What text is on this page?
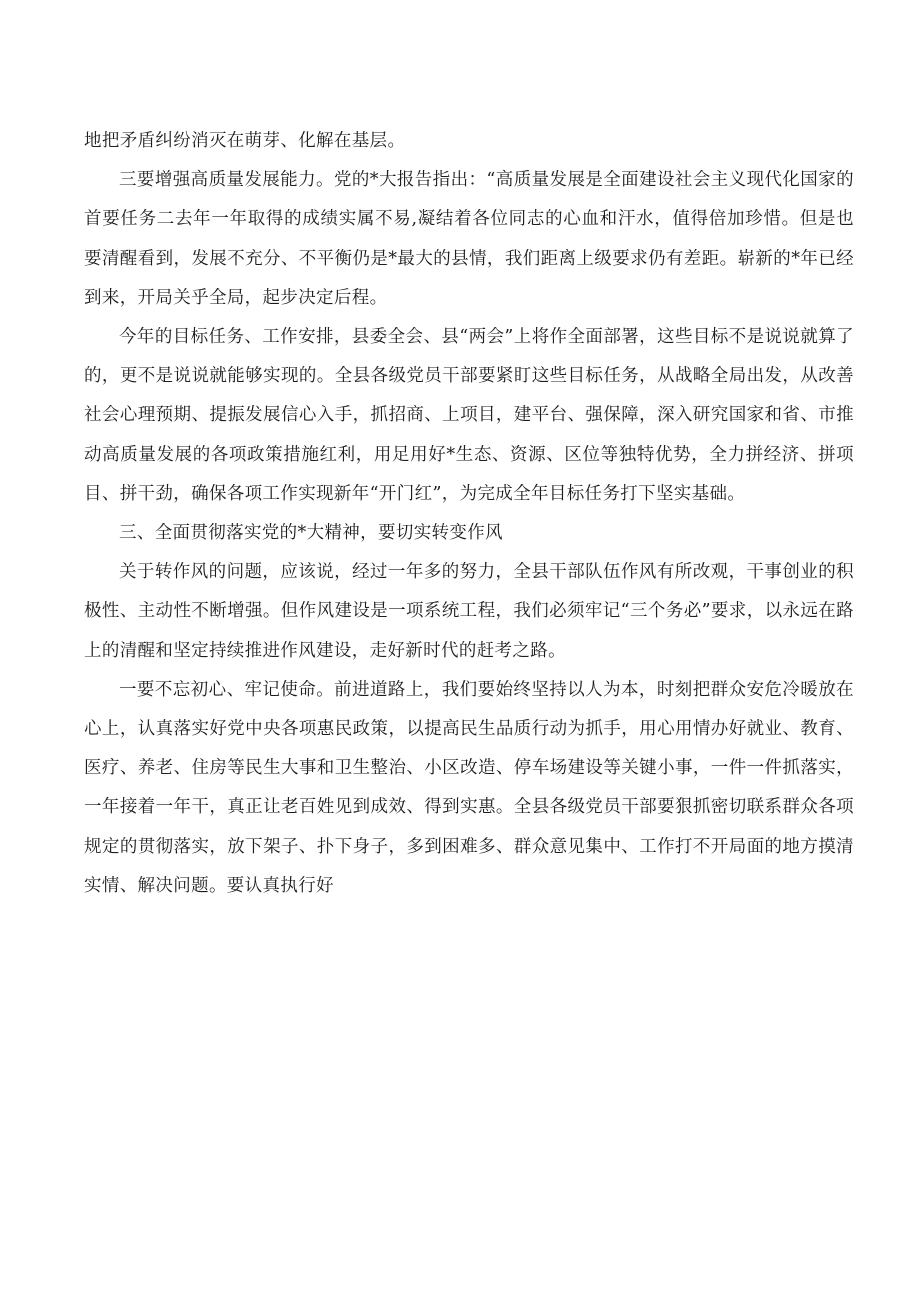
地把矛盾纠纷消灭在萌芽、化解在基层。

三要增强高质量发展能力。党的*大报告指出：“高质量发展是全面建设社会主义现代化国家的首要任务二去年一年取得的成绩实属不易,凝结着各位同志的心血和汗水，值得倍加珍惜。但是也要清醒看到，发展不充分、不平衡仍是*最大的县情，我们距离上级要求仍有差距。崭新的*年已经到来，开局关乎全局，起步决定后程。

今年的目标任务、工作安排，县委全会、县“两会”上将作全面部署，这些目标不是说说就算了的，更不是说说就能够实现的。全县各级党员干部要紧盯这些目标任务，从战略全局出发，从改善社会心理预期、提振发展信心入手，抓招商、上项目，建平台、强保障，深入研究国家和省、市推动高质量发展的各项政策措施红利，用足用好*生态、资源、区位等独特优势，全力拼经济、拼项目、拼干劲，确保各项工作实现新年“开门红”，为完成全年目标任务打下坚实基础。

三、全面贯彻落实党的*大精神，要切实转变作风

关于转作风的问题，应该说，经过一年多的努力，全县干部队伍作风有所改观，干事创业的积极性、主动性不断增强。但作风建设是一项系统工程，我们必须牢记“三个务必”要求，以永远在路上的清醒和坚定持续推进作风建设，走好新时代的赶考之路。

一要不忘初心、牢记使命。前进道路上，我们要始终坚持以人为本，时刻把群众安危冷暖放在心上，认真落实好党中央各项惠民政策，以提高民生品质行动为抓手，用心用情办好就业、教育、医疗、养老、住房等民生大事和卫生整治、小区改造、停车场建设等关键小事，一件一件抓落实，一年接着一年干，真正让老百姓见到成效、得到实惠。全县各级党员干部要狠抓密切联系群众各项规定的贯彻落实，放下架子、扑下身子，多到困难多、群众意见集中、工作打不开局面的地方摸清实情、解决问题。要认真执行好
